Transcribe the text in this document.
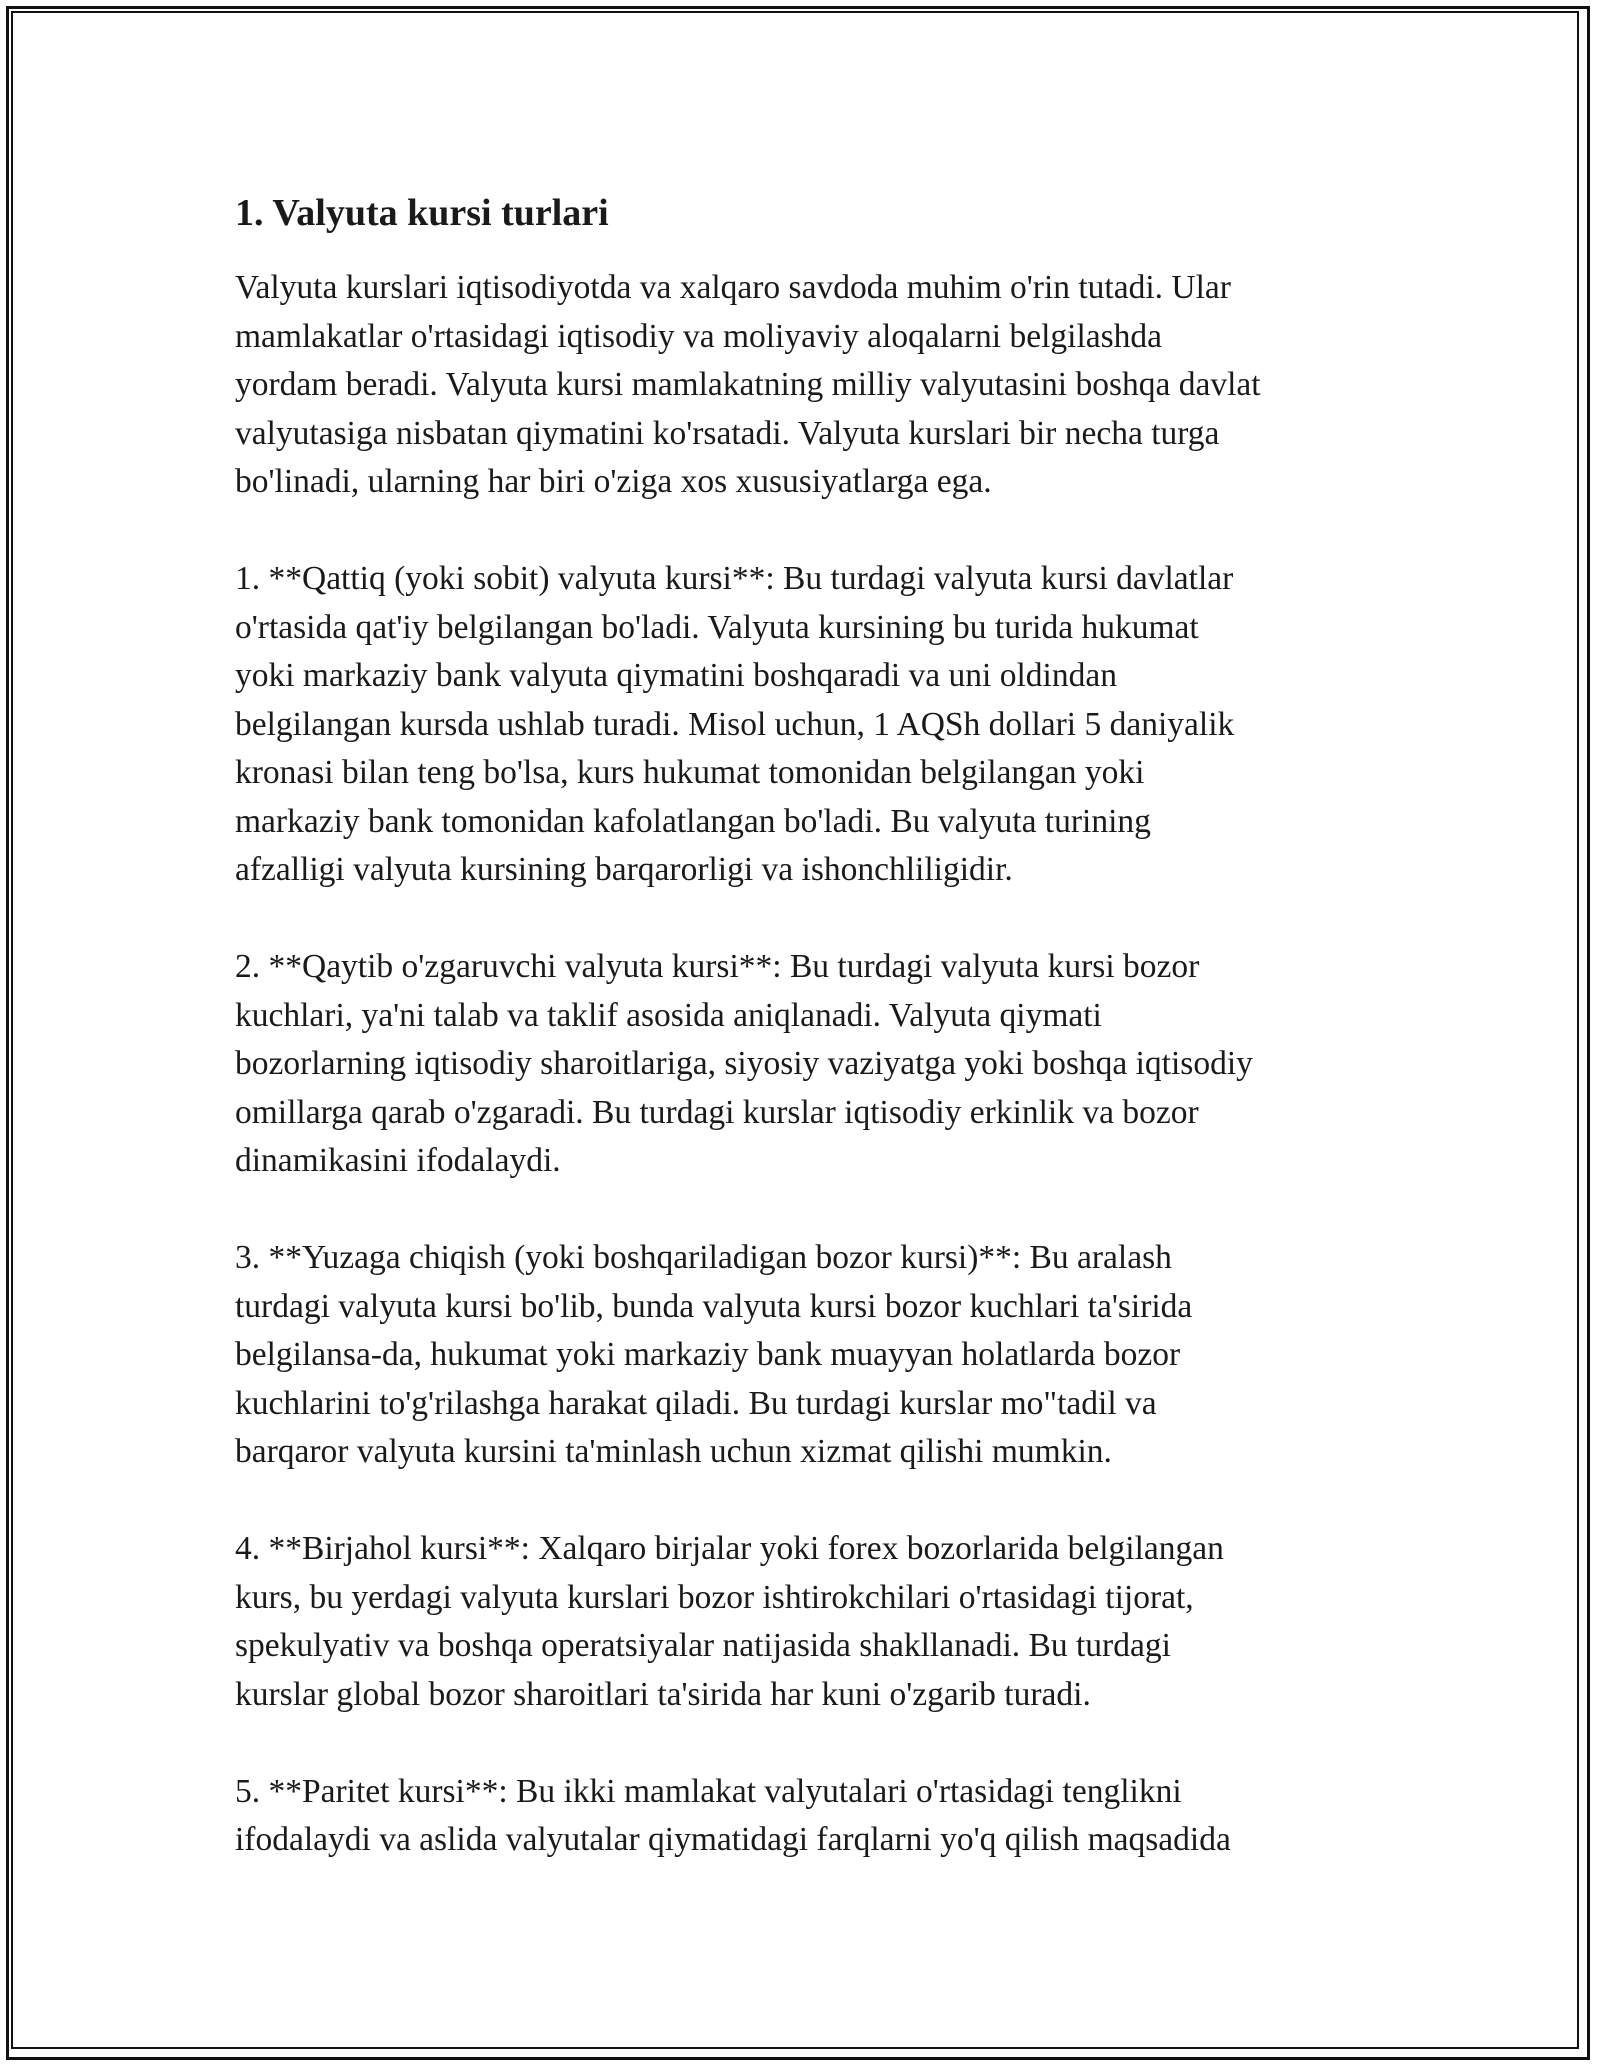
1. Valyuta kursi turlari

Valyuta kurslari iqtisodiyotda va xalqaro savdoda muhim o'rin tutadi. Ular
mamlakatlar o'rtasidagi iqtisodiy va moliyaviy aloqalarni belgilashda
yordam beradi. Valyuta kursi mamlakatning milliy valyutasini boshqa davlat
valyutasiga nisbatan qiymatini ko'rsatadi. Valyuta kurslari bir necha turga
bo'linadi, ularning har biri o'ziga xos xususiyatlarga ega.

1. **Qattiq (yoki sobit) valyuta kursi**: Bu turdagi valyuta kursi davlatlar
o'rtasida qat'iy belgilangan bo'ladi. Valyuta kursining bu turida hukumat
yoki markaziy bank valyuta qiymatini boshqaradi va uni oldindan
belgilangan kursda ushlab turadi. Misol uchun, 1 AQSh dollari 5 daniyalik
kronasi bilan teng bo'lsa, kurs hukumat tomonidan belgilangan yoki
markaziy bank tomonidan kafolatlangan bo'ladi. Bu valyuta turining
afzalligi valyuta kursining barqarorligi va ishonchliligidir.

2. **Qaytib o'zgaruvchi valyuta kursi**: Bu turdagi valyuta kursi bozor
kuchlari, ya'ni talab va taklif asosida aniqlanadi. Valyuta qiymati
bozorlarning iqtisodiy sharoitlariga, siyosiy vaziyatga yoki boshqa iqtisodiy
omillarga qarab o'zgaradi. Bu turdagi kurslar iqtisodiy erkinlik va bozor
dinamikasini ifodalaydi.

3. **Yuzaga chiqish (yoki boshqariladigan bozor kursi)**: Bu aralash
turdagi valyuta kursi bo'lib, bunda valyuta kursi bozor kuchlari ta'sirida
belgilansa-da, hukumat yoki markaziy bank muayyan holatlarda bozor
kuchlarini to'g'rilashga harakat qiladi. Bu turdagi kurslar mo"tadil va
barqaror valyuta kursini ta'minlash uchun xizmat qilishi mumkin.

4. **Birjahol kursi**: Xalqaro birjalar yoki forex bozorlarida belgilangan
kurs, bu yerdagi valyuta kurslari bozor ishtirokchilari o'rtasidagi tijorat,
spekulyativ va boshqa operatsiyalar natijasida shakllanadi. Bu turdagi
kurslar global bozor sharoitlari ta'sirida har kuni o'zgarib turadi.

5. **Paritet kursi**: Bu ikki mamlakat valyutalari o'rtasidagi tenglikni
ifodalaydi va aslida valyutalar qiymatidagi farqlarni yo'q qilish maqsadida
